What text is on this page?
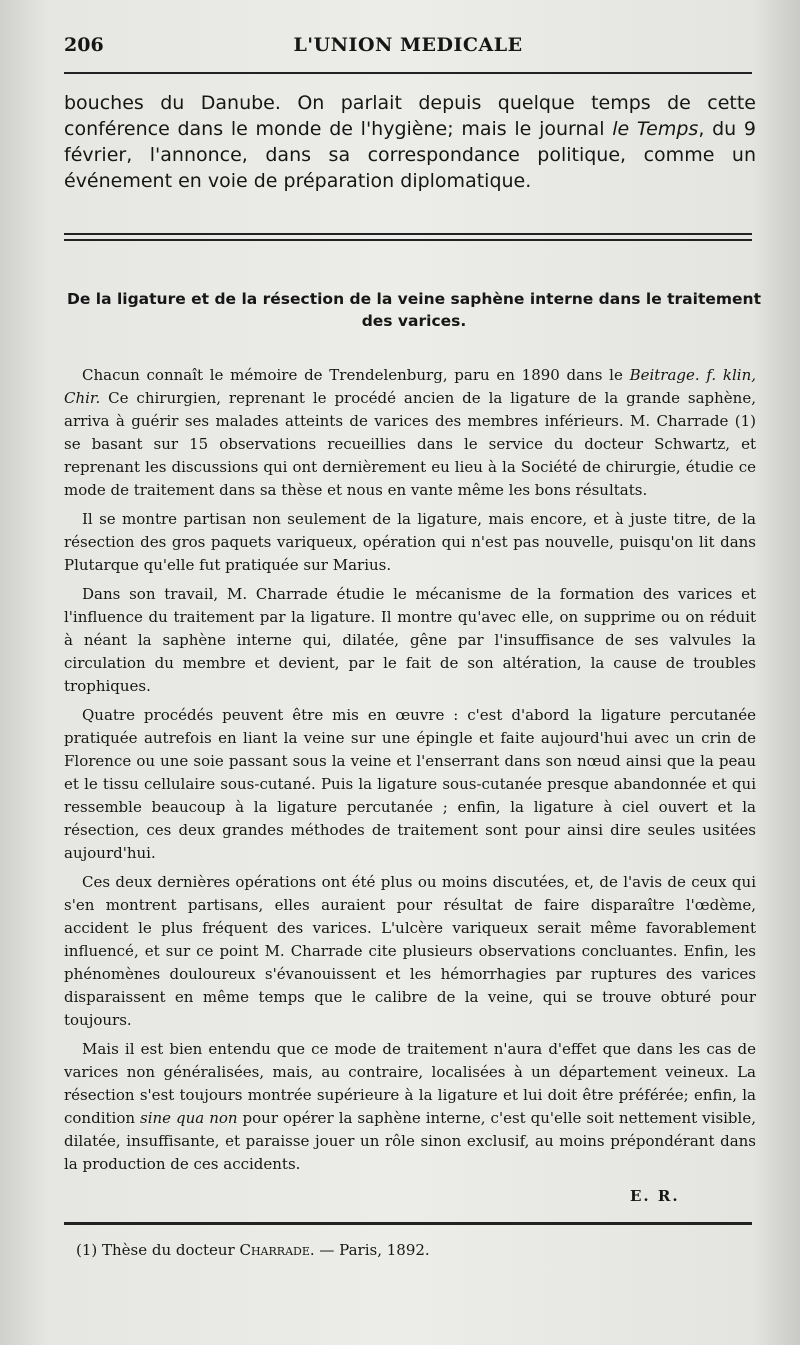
206	L'UNION MEDICALE

bouches du Danube. On parlait depuis quelque temps de cette conférence dans le monde de l'hygiène; mais le journal le Temps, du 9 février, l'annonce, dans sa correspondance politique, comme un événement en voie de préparation diplomatique.

De la ligature et de la résection de la veine saphène interne dans le traitement des varices.

Chacun connaît le mémoire de Trendelenburg, paru en 1890 dans le Beitrage. f. klin, Chir. Ce chirurgien, reprenant le procédé ancien de la ligature de la grande saphène, arriva à guérir ses malades atteints de varices des membres inférieurs. M. Charrade (1) se basant sur 15 observations recueillies dans le service du docteur Schwartz, et reprenant les discussions qui ont dernièrement eu lieu à la Société de chirurgie, étudie ce mode de traitement dans sa thèse et nous en vante même les bons résultats.

Il se montre partisan non seulement de la ligature, mais encore, et à juste titre, de la résection des gros paquets variqueux, opération qui n'est pas nouvelle, puisqu'on lit dans Plutarque qu'elle fut pratiquée sur Marius.

Dans son travail, M. Charrade étudie le mécanisme de la formation des varices et l'influence du traitement par la ligature. Il montre qu'avec elle, on supprime ou on réduit à néant la saphène interne qui, dilatée, gêne par l'insuffisance de ses valvules la circulation du membre et devient, par le fait de son altération, la cause de troubles trophiques.

Quatre procédés peuvent être mis en œuvre : c'est d'abord la ligature percutanée pratiquée autrefois en liant la veine sur une épingle et faite aujourd'hui avec un crin de Florence ou une soie passant sous la veine et l'enserrant dans son nœud ainsi que la peau et le tissu cellulaire sous-cutané. Puis la ligature sous-cutanée presque abandonnée et qui ressemble beaucoup à la ligature percutanée ; enfin, la ligature à ciel ouvert et la résection, ces deux grandes méthodes de traitement sont pour ainsi dire seules usitées aujourd'hui.

Ces deux dernières opérations ont été plus ou moins discutées, et, de l'avis de ceux qui s'en montrent partisans, elles auraient pour résultat de faire disparaître l'œdème, accident le plus fréquent des varices. L'ulcère variqueux serait même favorablement influencé, et sur ce point M. Charrade cite plusieurs observations concluantes. Enfin, les phénomènes douloureux s'évanouissent et les hémorrhagies par ruptures des varices disparaissent en même temps que le calibre de la veine, qui se trouve obturé pour toujours.

Mais il est bien entendu que ce mode de traitement n'aura d'effet que dans les cas de varices non généralisées, mais, au contraire, localisées à un département veineux. La résection s'est toujours montrée supérieure à la ligature et lui doit être préférée; enfin, la condition sine qua non pour opérer la saphène interne, c'est qu'elle soit nettement visible, dilatée, insuffisante, et paraisse jouer un rôle sinon exclusif, au moins prépondérant dans la production de ces accidents.

E. R.
(1) Thèse du docteur Charrade. — Paris, 1892.
